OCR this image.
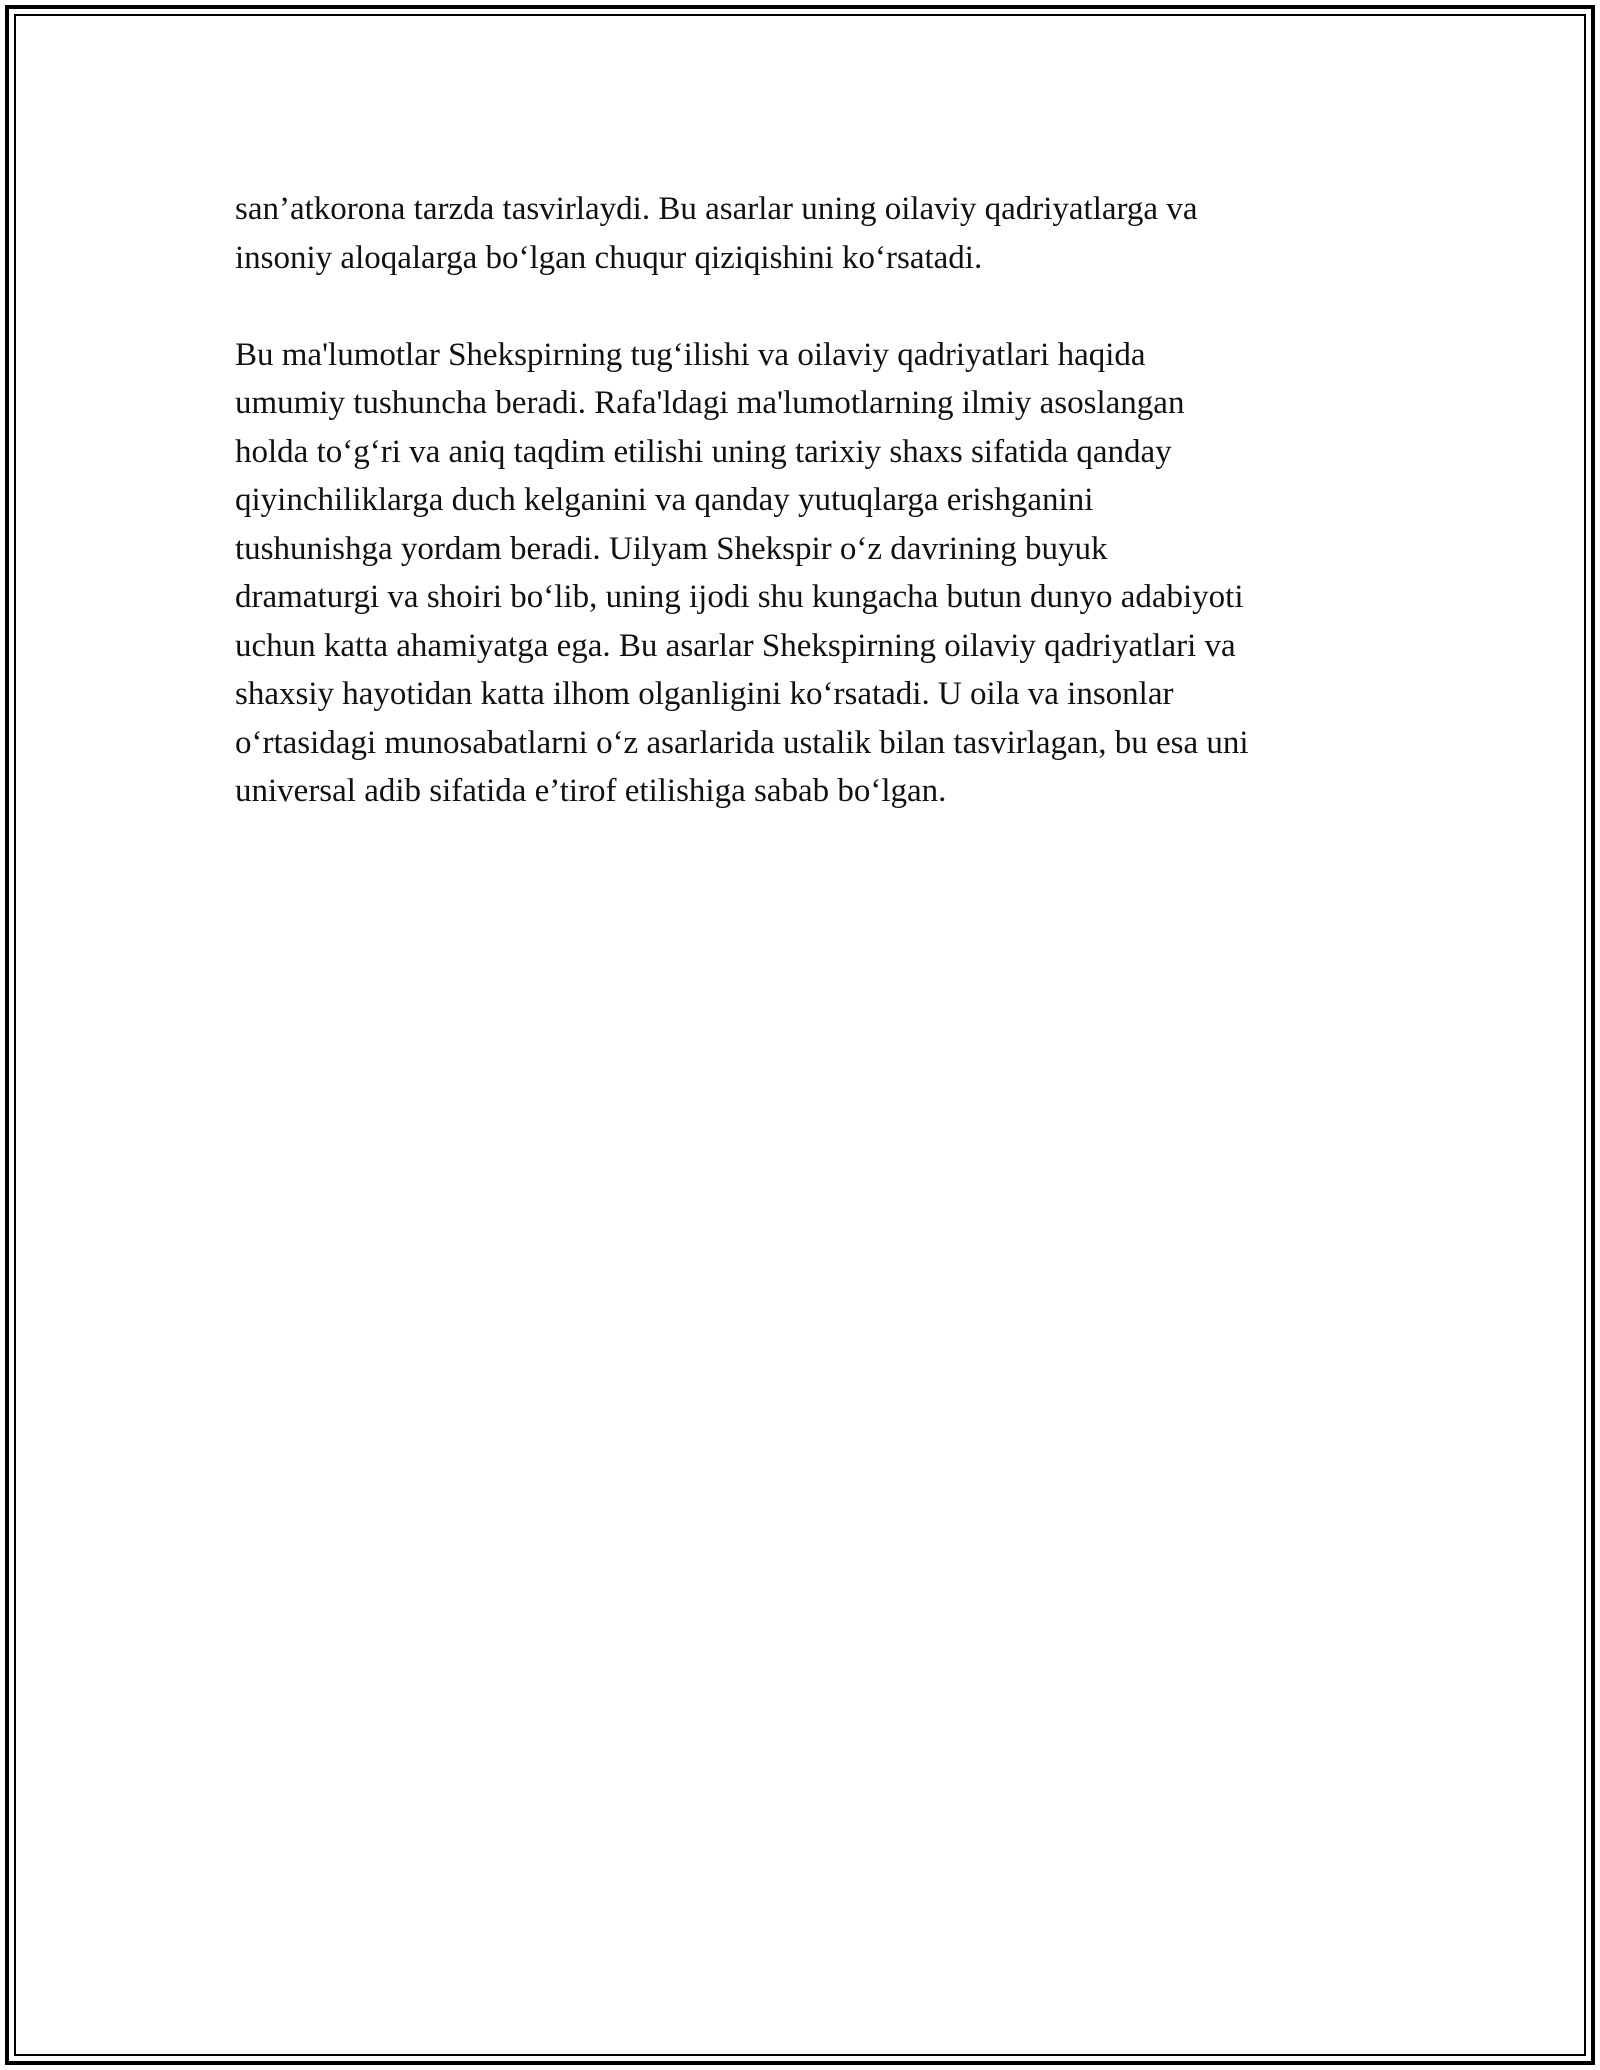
san’atkorona tarzda tasvirlaydi. Bu asarlar uning oilaviy qadriyatlarga va
insoniy aloqalarga bo‘lgan chuqur qiziqishini ko‘rsatadi.

Bu ma'lumotlar Shekspirning tug‘ilishi va oilaviy qadriyatlari haqida
umumiy tushuncha beradi. Rafa'ldagi ma'lumotlarning ilmiy asoslangan
holda to‘g‘ri va aniq taqdim etilishi uning tarixiy shaxs sifatida qanday
qiyinchiliklarga duch kelganini va qanday yutuqlarga erishganini
tushunishga yordam beradi. Uilyam Shekspir o‘z davrining buyuk
dramaturgi va shoiri bo‘lib, uning ijodi shu kungacha butun dunyo adabiyoti
uchun katta ahamiyatga ega. Bu asarlar Shekspirning oilaviy qadriyatlari va
shaxsiy hayotidan katta ilhom olganligini ko‘rsatadi. U oila va insonlar
o‘rtasidagi munosabatlarni o‘z asarlarida ustalik bilan tasvirlagan, bu esa uni
universal adib sifatida e’tirof etilishiga sabab bo‘lgan.
